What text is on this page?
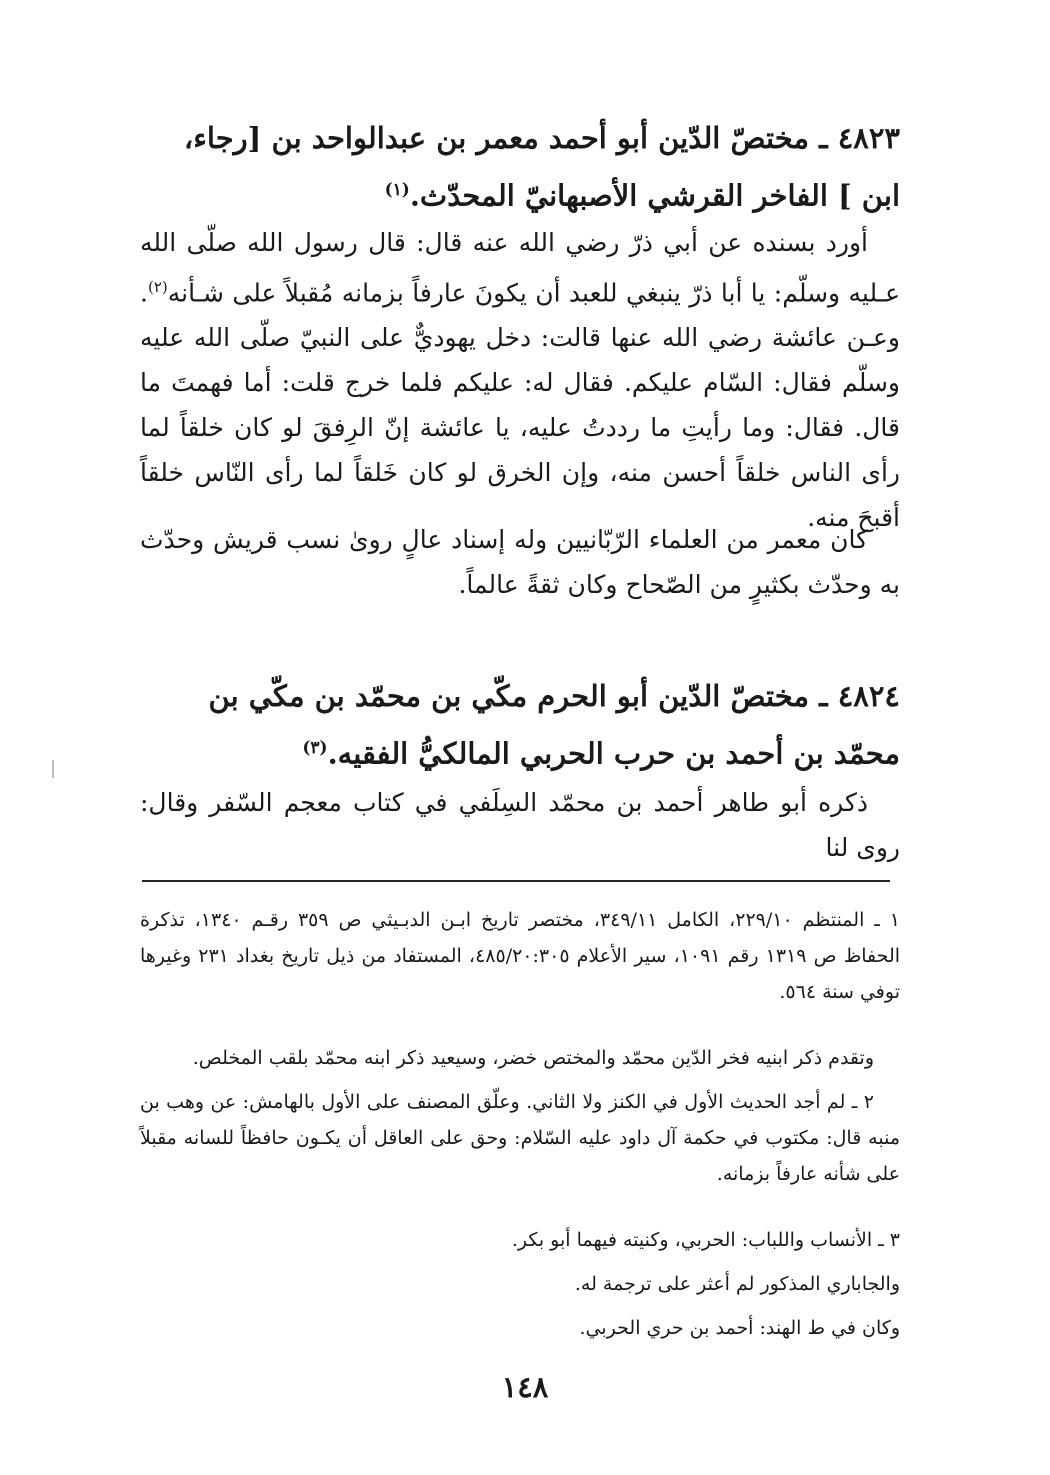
٤٨٢٣ ـ مختصّ الدّين أبو أحمد معمر بن عبدالواحد بن [رجاء، ابن ] الفاخر القرشي الأصبهانيّ المحدّث.$^{(١)}$
أورد بسنده عن أبي ذرّ رضي الله عنه قال: قال رسول الله صلّى الله عـليه وسلّم: يا أبا ذرّ ينبغي للعبد أن يكونَ عارفاً بزمانه مُقبلاً على شـأنه$^{(٢)}$. وعـن عائشة رضي الله عنها قالت: دخل يهوديٌّ على النبيّ صلّى الله عليه وسلّم فقال: السّام عليكم. فقال له: عليكم فلما خرج قلت: أما فهمتَ ما قال. فقال: وما رأيتِ ما رددتُ عليه، يا عائشة إنّ الرِفقَ لو كان خلقاً لما رأى الناس خلقاً أحسن منه، وإن الخرق لو كان خَلقاً لما رأى النّاس خلقاً أقبحَ منه.
كان معمر من العلماء الرّبّانيين وله إسناد عالٍ روىٰ نسب قريش وحدّث به وحدّث بكثيرٍ من الصّحاح وكان ثقةً عالماً.
٤٨٢٤ ـ مختصّ الدّين أبو الحرم مكّي بن محمّد بن مكّي بن محمّد بن أحمد بن حرب الحربي المالكيُّ الفقيه.$^{(٣)}$
ذكره أبو طاهر أحمد بن محمّد السِلَفي في كتاب معجم السّفر وقال: روى لنا
١ ـ المنتظم ٢٢٩/١٠، الكامل ٣٤٩/١١، مختصر تاريخ ابـن الدبـيثي ص ٣٥٩ رقـم ١٣٤٠، تذكرة الحفاظ ص ١٣١٩ رقم ١٠٩١، سير الأعلام ٤٨٥/٢٠:٣٠٥، المستفاد من ذيل تاريخ بغداد ٢٣١ وغيرها توفي سنة ٥٦٤.
وتقدم ذكر ابنيه فخر الدّين محمّد والمختص خضر، وسيعيد ذكر ابنه محمّد بلقب المخلص.
٢ ـ لم أجد الحديث الأول في الكنز ولا الثاني. وعلّق المصنف على الأول بالهامش: عن وهب بن منبه قال: مكتوب في حكمة آل داود عليه السّلام: وحق على العاقل أن يكـون حافظاً للسانه مقبلاً على شأنه عارفاً بزمانه.
٣ ـ الأنساب واللباب: الحربي، وكنيته فيهما أبو بكر.
والجاباري المذكور لم أعثر على ترجمة له.
وكان في ط الهند: أحمد بن حري الحربي.
١٤٨
